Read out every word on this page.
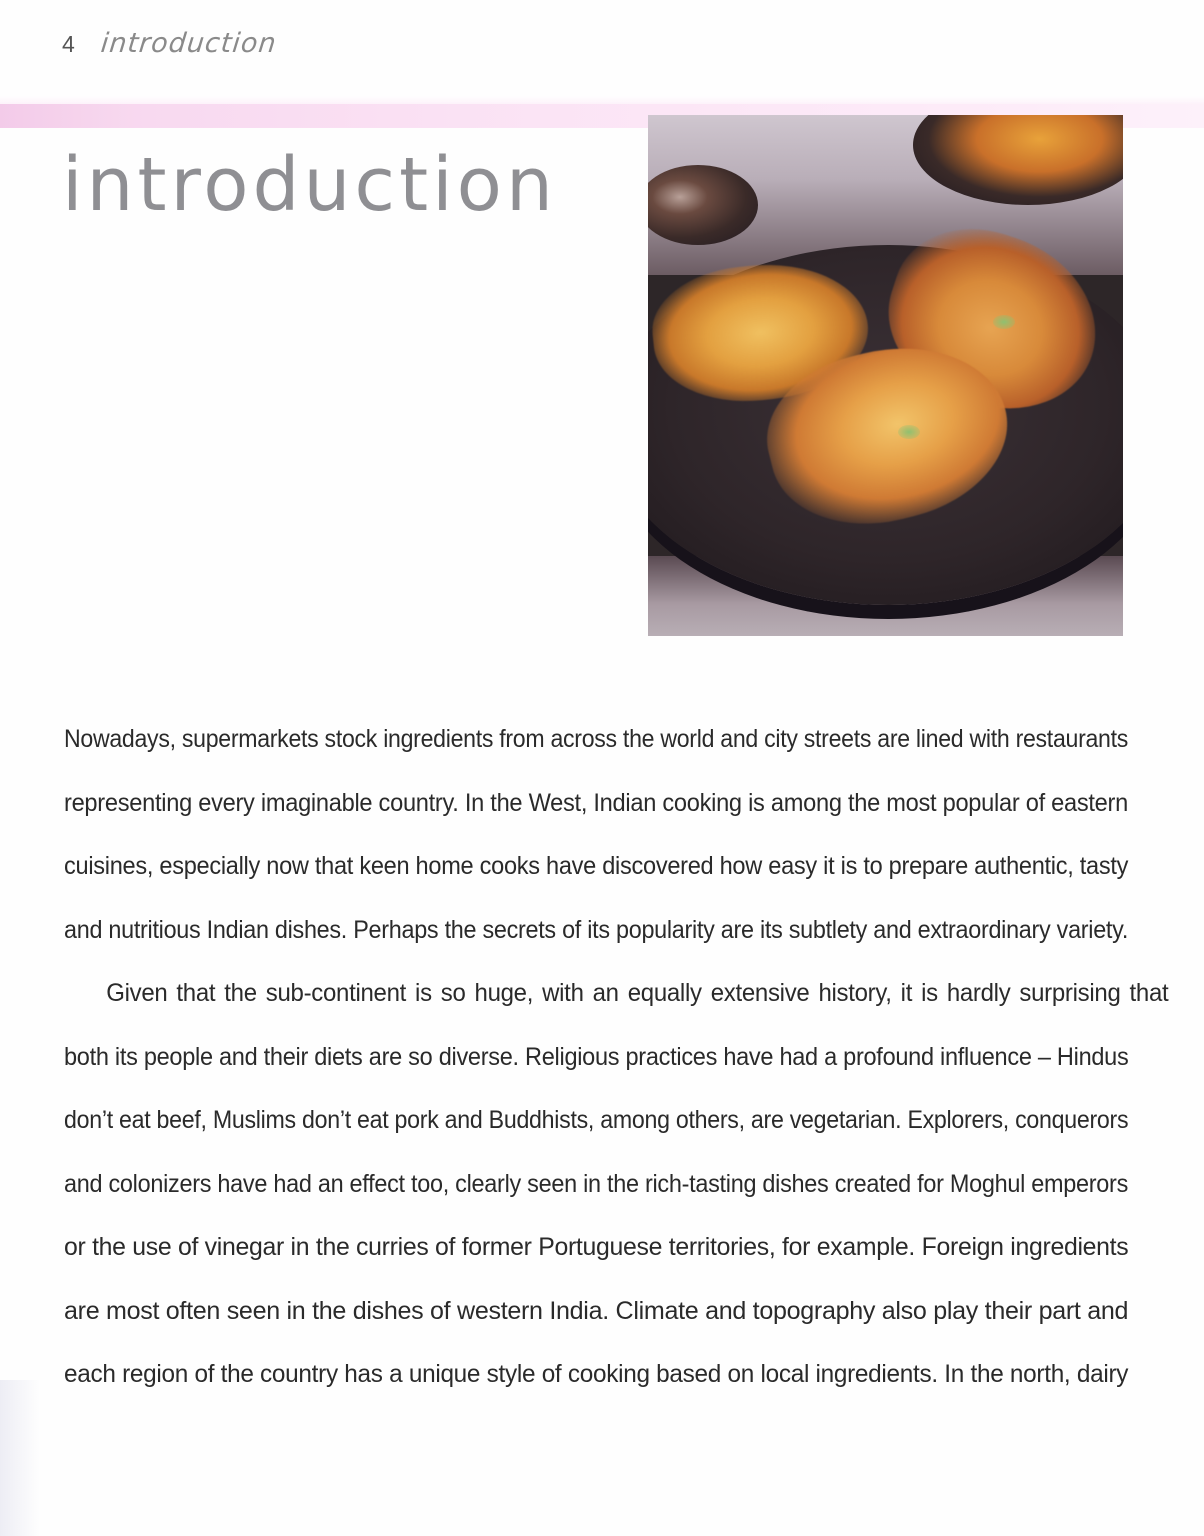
4 introduction
introduction

Nowadays, supermarkets stock ingredients from across the world and city streets are lined with restaurants
representing every imaginable country. In the West, Indian cooking is among the most popular of eastern
cuisines, especially now that keen home cooks have discovered how easy it is to prepare authentic, tasty
and nutritious Indian dishes. Perhaps the secrets of its popularity are its subtlety and extraordinary variety.

Given that the sub-continent is so huge, with an equally extensive history, it is hardly surprising that
both its people and their diets are so diverse. Religious practices have had a profound influence – Hindus
don’t eat beef, Muslims don’t eat pork and Buddhists, among others, are vegetarian. Explorers, conquerors
and colonizers have had an effect too, clearly seen in the rich-tasting dishes created for Moghul emperors
or the use of vinegar in the curries of former Portuguese territories, for example. Foreign ingredients
are most often seen in the dishes of western India. Climate and topography also play their part and
each region of the country has a unique style of cooking based on local ingredients. In the north, dairy
